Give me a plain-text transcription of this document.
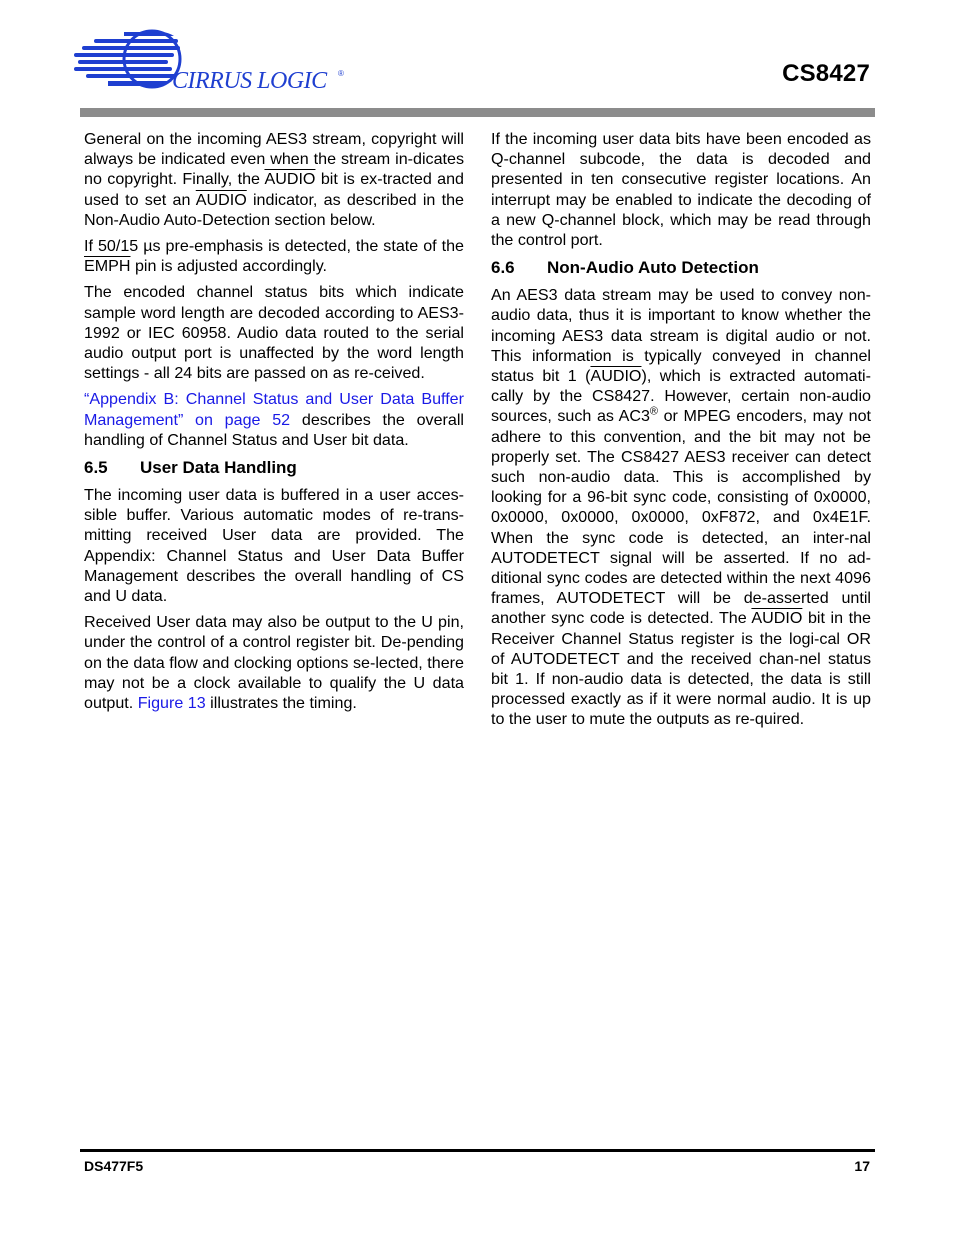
CIRRUS LOGIC ®	CS8427

General on the incoming AES3 stream, copyright will always be indicated even when the stream in-dicates no copyright. Finally, the AUDIO bit is ex-tracted and used to set an AUDIO indicator, as described in the Non-Audio Auto-Detection section below.

If 50/15 µs pre-emphasis is detected, the state of the EMPH pin is adjusted accordingly.

The encoded channel status bits which indicate sample word length are decoded according to AES3-1992 or IEC 60958. Audio data routed to the serial audio output port is unaffected by the word length settings - all 24 bits are passed on as re-ceived.

“Appendix B: Channel Status and User Data Buffer Management” on page 52 describes the overall handling of Channel Status and User bit data.

6.5 User Data Handling

The incoming user data is buffered in a user acces-sible buffer. Various automatic modes of re-trans-mitting received User data are provided. The Appendix: Channel Status and User Data Buffer Management describes the overall handling of CS and U data.

Received User data may also be output to the U pin, under the control of a control register bit. De-pending on the data flow and clocking options se-lected, there may not be a clock available to qualify the U data output. Figure 13 illustrates the timing.

If the incoming user data bits have been encoded as Q-channel subcode, the data is decoded and presented in ten consecutive register locations. An interrupt may be enabled to indicate the decoding of a new Q-channel block, which may be read through the control port.

6.6 Non-Audio Auto Detection

An AES3 data stream may be used to convey non-audio data, thus it is important to know whether the incoming AES3 data stream is digital audio or not. This information is typically conveyed in channel status bit 1 (AUDIO), which is extracted automati-cally by the CS8427. However, certain non-audio sources, such as AC3® or MPEG encoders, may not adhere to this convention, and the bit may not be properly set. The CS8427 AES3 receiver can detect such non-audio data. This is accomplished by looking for a 96-bit sync code, consisting of 0x0000, 0x0000, 0x0000, 0x0000, 0xF872, and 0x4E1F. When the sync code is detected, an inter-nal AUTODETECT signal will be asserted. If no ad-ditional sync codes are detected within the next 4096 frames, AUTODETECT will be de-asserted until another sync code is detected. The AUDIO bit in the Receiver Channel Status register is the logi-cal OR of AUTODETECT and the received chan-nel status bit 1. If non-audio data is detected, the data is still processed exactly as if it were normal audio. It is up to the user to mute the outputs as re-quired.

DS477F5	17
